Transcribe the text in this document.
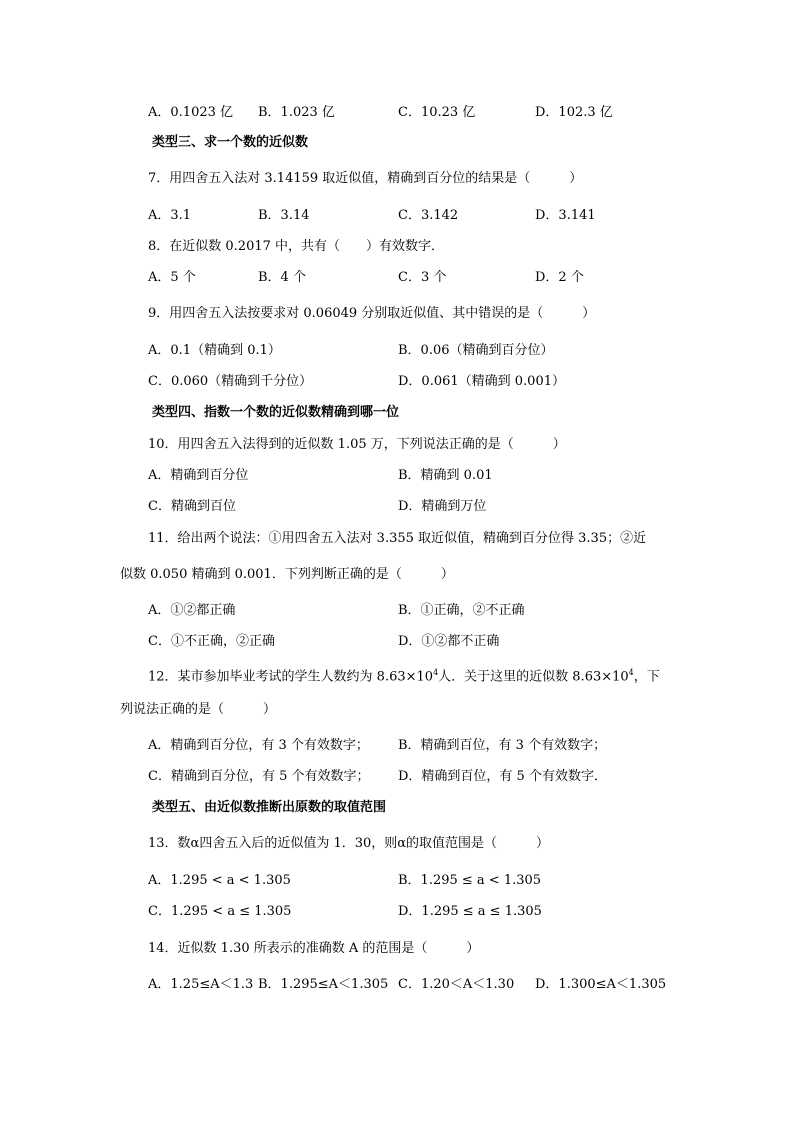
A．0.1023 亿 B．1.023 亿	C．10.23 亿	D．102.3 亿
类型三、求一个数的近似数
7．用四舍五入法对 3.14159 取近似值，精确到百分位的结果是（　　　）
A．3.1	B．3.14	C．3.142	D．3.141
8．在近似数 0.2017 中，共有（　　）有效数字．
A．5 个	B．4 个	C．3 个	D．2 个
9．用四舍五入法按要求对 0.06049 分别取近似值、其中错误的是（　　　）
A．0.1（精确到 0.1）	B．0.06（精确到百分位）
C．0.060（精确到千分位）	D．0.061（精确到 0.001）
类型四、指数一个数的近似数精确到哪一位
10．用四舍五入法得到的近似数 1.05 万，下列说法正确的是（　　　）
A．精确到百分位	B．精确到 0.01
C．精确到百位	D．精确到万位
11．给出两个说法：①用四舍五入法对 3.355 取近似值，精确到百分位得 3.35；②近
似数 0.050 精确到 0.001．下列判断正确的是（　　　）
A．①②都正确	B．①正确，②不正确
C．①不正确，②正确	D．①②都不正确
12．某市参加毕业考试的学生人数约为 $8.63\times 10^4$人．关于这里的近似数 $8.63\times 10^4$，下
列说法正确的是（　　　）
A．精确到百分位，有 3 个有效数字； B．精确到百位，有 3 个有效数字；
C．精确到百分位，有 5 个有效数字； D．精确到百位，有 5 个有效数字．
类型五、由近似数推断出原数的取值范围
13．数α四舍五入后的近似值为 1．30，则α的取值范围是（　　　）
A．1.295 < a < 1.305	B．1.295 ≤ a < 1.305
C．1.295 < a ≤ 1.305	D．1.295 ≤ a ≤ 1.305
14．近似数 1.30 所表示的准确数 A 的范围是（　　　）
A．1.25≤A＜1.3 B．1.295≤A＜1.305 C．1.20＜A＜1.30 D．1.300≤A＜1.305
